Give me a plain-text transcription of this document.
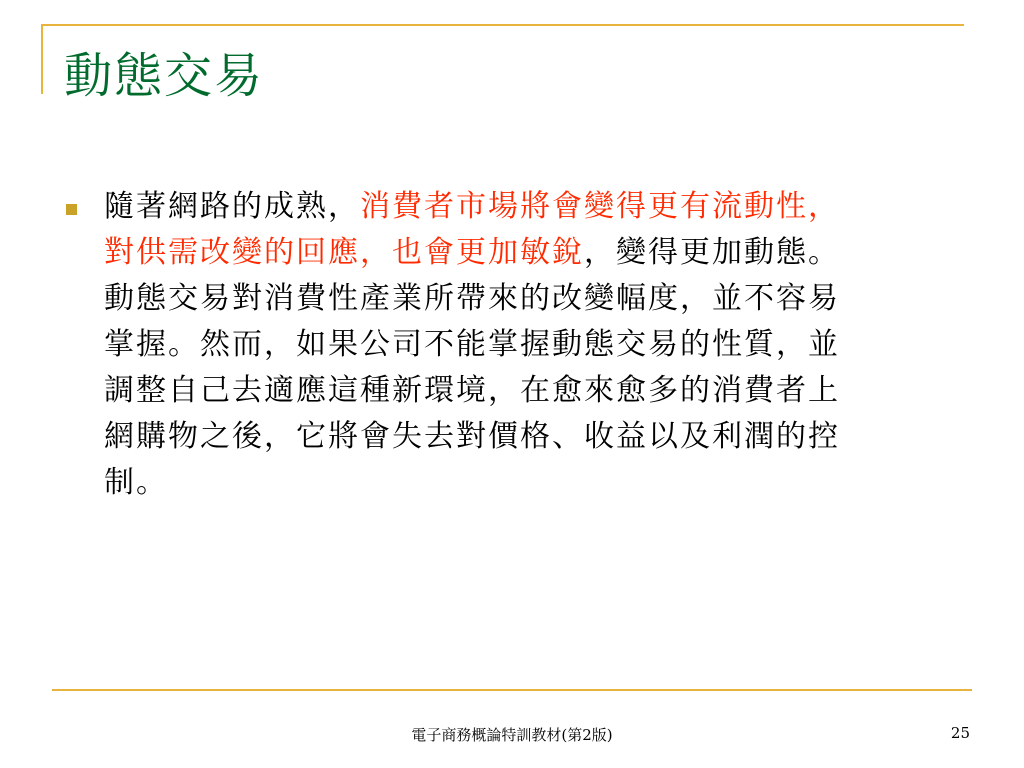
動態交易

隨著網路的成熟，消費者市場將會變得更有流動性，
對供需改變的回應，也會更加敏銳，變得更加動態。
動態交易對消費性產業所帶來的改變幅度，並不容易
掌握。然而，如果公司不能掌握動態交易的性質，並
調整自己去適應這種新環境，在愈來愈多的消費者上
網購物之後，它將會失去對價格、收益以及利潤的控
制。

電子商務概論特訓教材(第2版)	25
